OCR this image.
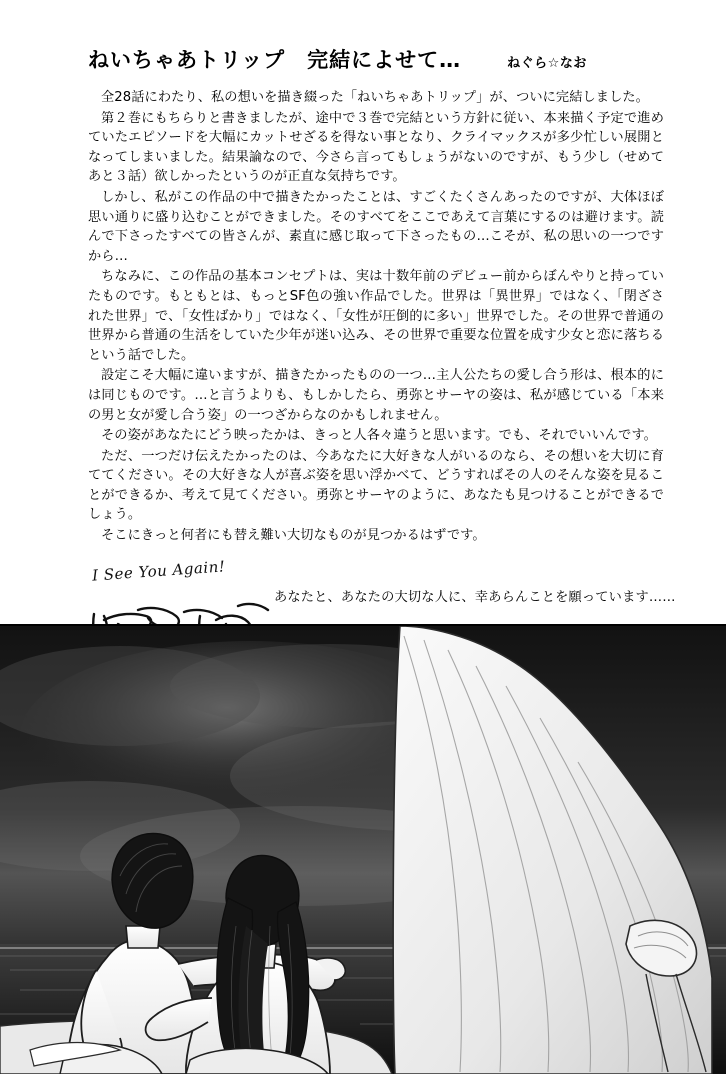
ねいちゃあトリップ　完結によせて…	ねぐら☆なお

全28話にわたり、私の想いを描き綴った「ねいちゃあトリップ」が、ついに完結しました。

第２巻にもちらりと書きましたが、途中で３巻で完結という方針に従い、本来描く予定で進めていたエピソードを大幅にカットせざるを得ない事となり、クライマックスが多少忙しい展開となってしまいました。結果論なので、今さら言ってもしょうがないのですが、もう少し（せめてあと３話）欲しかったというのが正直な気持ちです。

しかし、私がこの作品の中で描きたかったことは、すごくたくさんあったのですが、大体ほぼ思い通りに盛り込むことができました。そのすべてをここであえて言葉にするのは避けます。読んで下さったすべての皆さんが、素直に感じ取って下さったもの…こそが、私の思いの一つですから…

ちなみに、この作品の基本コンセプトは、実は十数年前のデビュー前からぼんやりと持っていたものです。もともとは、もっとSF色の強い作品でした。世界は「異世界」ではなく、「閉ざされた世界」で、「女性ばかり」ではなく、「女性が圧倒的に多い」世界でした。その世界で普通の世界から普通の生活をしていた少年が迷い込み、その世界で重要な位置を成す少女と恋に落ちるという話でした。

設定こそ大幅に違いますが、描きたかったものの一つ…主人公たちの愛し合う形は、根本的には同じものです。…と言うよりも、もしかしたら、勇弥とサーヤの姿は、私が感じている「本来の男と女が愛し合う姿」の一つざからなのかもしれません。

その姿があなたにどう映ったかは、きっと人各々違うと思います。でも、それでいいんです。

ただ、一つだけ伝えたかったのは、今あなたに大好きな人がいるのなら、その想いを大切に育ててください。その大好きな人が喜ぶ姿を思い浮かべて、どうすればその人のそんな姿を見ることができるか、考えて見てください。勇弥とサーヤのように、あなたも見つけることができるでしょう。

そこにきっと何者にも替え難い大切なものが見つかるはずです。

I See You Again!
あなたと、あなたの大切な人に、幸あらんことを願っています……
